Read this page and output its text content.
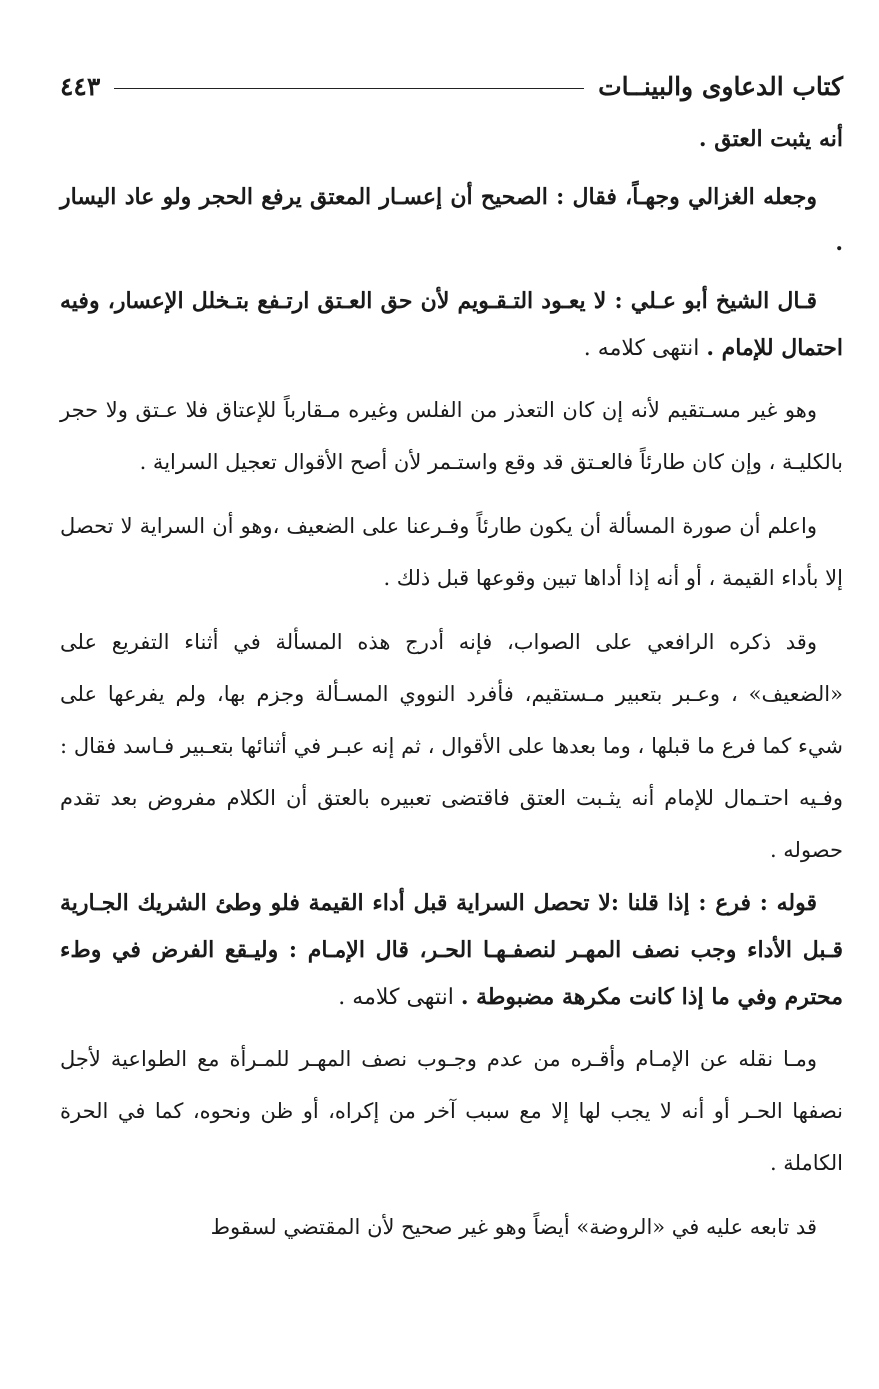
كتاب الدعاوى والبينــات
٤٤٣

أنه يثبت العتق .

وجعله الغزالي وجهـاً، فقال : الصحيح أن إعسـار المعتق يرفع الحجر ولو عاد اليسار .

قـال الشيخ أبو عـلي : لا يعـود التـقـويم لأن حق العـتق ارتـفع بتـخلل الإعسار، وفيه احتمال للإمام . انتهى كلامه .

وهو غير مسـتقيم لأنه إن كان التعذر من الفلس وغيره مـقارباً للإعتاق فلا عـتق ولا حجر بالكليـة ، وإن كان طارئاً فالعـتق قد وقع واستـمر لأن أصح الأقوال تعجيل السراية .

واعلم أن صورة المسألة أن يكون طارئاً وفـرعنا على الضعيف ،وهو أن السراية لا تحصل إلا بأداء القيمة ، أو أنه إذا أداها تبين وقوعها قبل ذلك .

وقد ذكره الرافعي على الصواب، فإنه أدرج هذه المسألة في أثناء التفريع على «الضعيف» ، وعـبر بتعبير مـستقيم، فأفرد النووي المسـألة وجزم بها، ولم يفرعها على شيء كما فرع ما قبلها ، وما بعدها على الأقوال ، ثم إنه عبـر في أثنائها بتعـبير فـاسد فقال : وفـيه احتـمال للإمام أنه يثـبت العتق فاقتضى تعبيره بالعتق أن الكلام مفروض بعد تقدم حصوله .

قوله : فرع : إذا قلنا :لا تحصل السراية قبل أداء القيمة فلو وطئ الشريك الجـارية قـبل الأداء وجب نصف المهـر لنصفـهـا الحـر، قال الإمـام : وليـقع الفرض في وطء محترم وفي ما إذا كانت مكرهة مضبوطة . انتهى كلامه .

ومـا نقله عن الإمـام وأقـره من عدم وجـوب نصف المهـر للمـرأة مع الطواعية لأجل نصفها الحـر أو أنه لا يجب لها إلا مع سبب آخر من إكراه، أو ظن ونحوه، كما في الحرة الكاملة .

قد تابعه عليه في «الروضة» أيضاً وهو غير صحيح لأن المقتضي لسقوط
